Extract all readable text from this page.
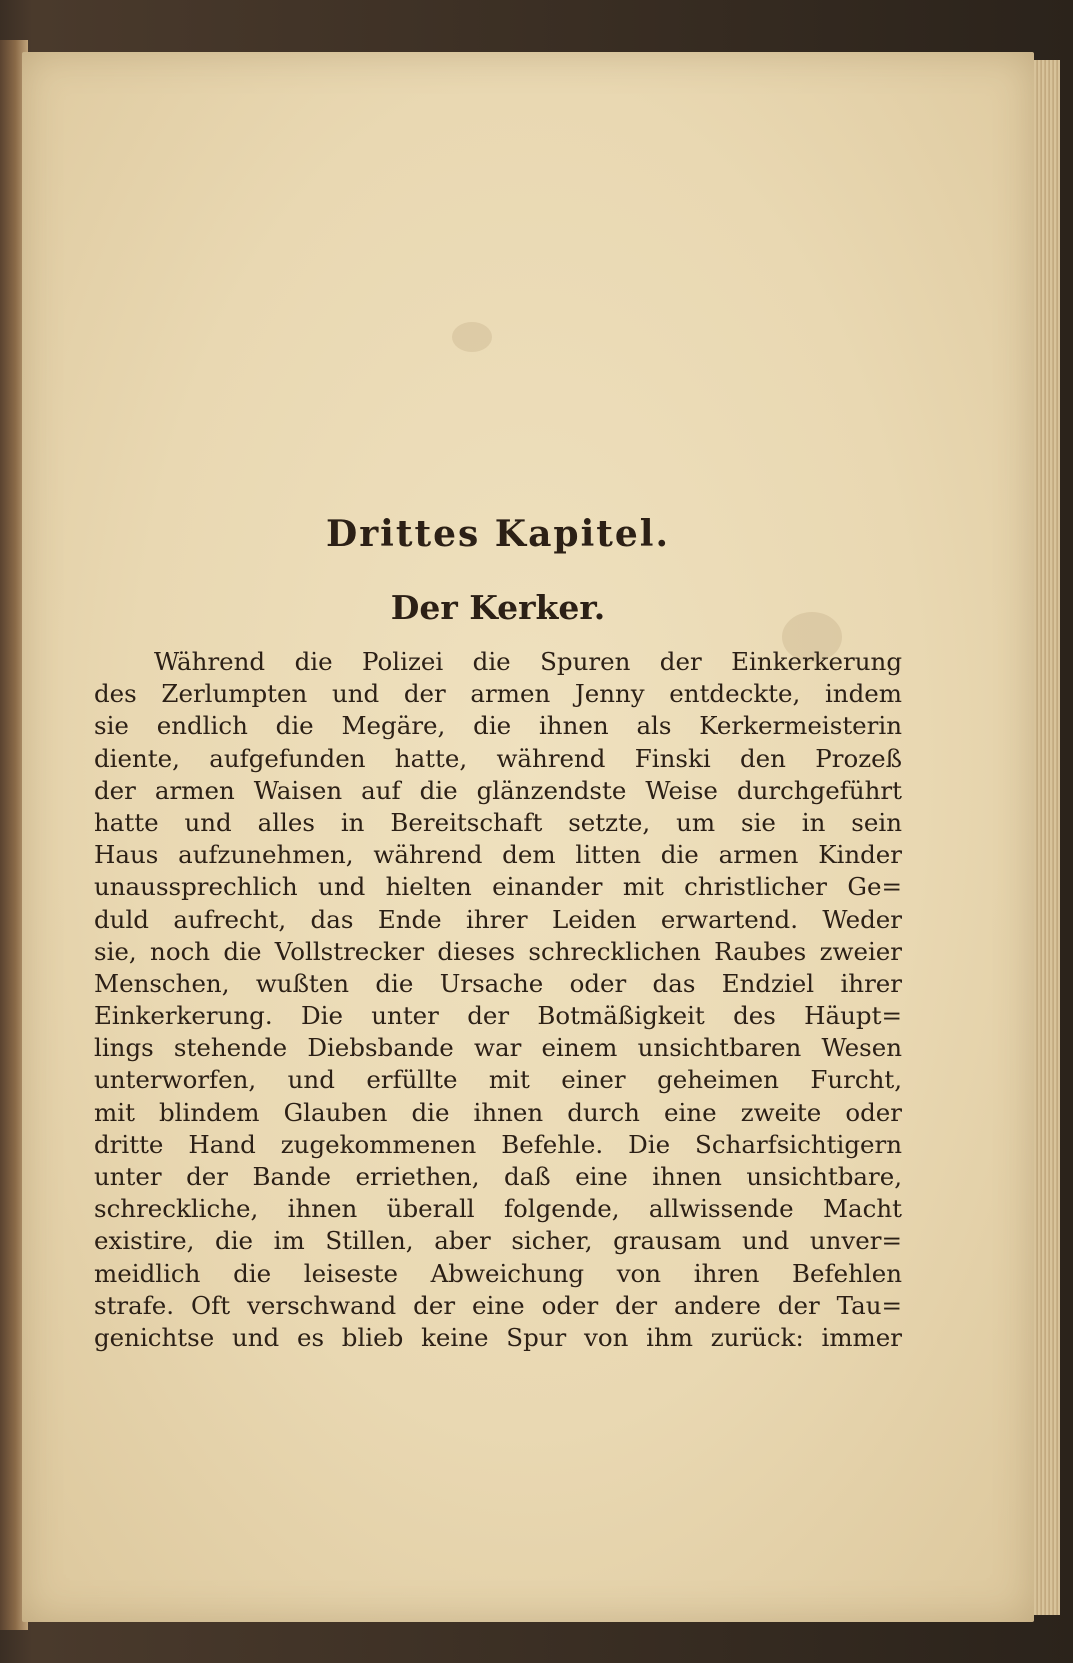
Drittes Kapitel.
Der Kerker.
Während die Polizei die Spuren der Einkerkerung
des Zerlumpten und der armen Jenny entdeckte, indem
sie endlich die Megäre, die ihnen als Kerkermeisterin
diente, aufgefunden hatte, während Finski den Prozeß
der armen Waisen auf die glänzendste Weise durchgeführt
hatte und alles in Bereitschaft setzte, um sie in sein
Haus aufzunehmen, während dem litten die armen Kinder
unaussprechlich und hielten einander mit christlicher Ge=
duld aufrecht, das Ende ihrer Leiden erwartend. Weder
sie, noch die Vollstrecker dieses schrecklichen Raubes zweier
Menschen, wußten die Ursache oder das Endziel ihrer
Einkerkerung. Die unter der Botmäßigkeit des Häupt=
lings stehende Diebsbande war einem unsichtbaren Wesen
unterworfen, und erfüllte mit einer geheimen Furcht,
mit blindem Glauben die ihnen durch eine zweite oder
dritte Hand zugekommenen Befehle. Die Scharfsichtigern
unter der Bande erriethen, daß eine ihnen unsichtbare,
schreckliche, ihnen überall folgende, allwissende Macht
existire, die im Stillen, aber sicher, grausam und unver=
meidlich die leiseste Abweichung von ihren Befehlen
strafe. Oft verschwand der eine oder der andere der Tau=
genichtse und es blieb keine Spur von ihm zurück: immer
